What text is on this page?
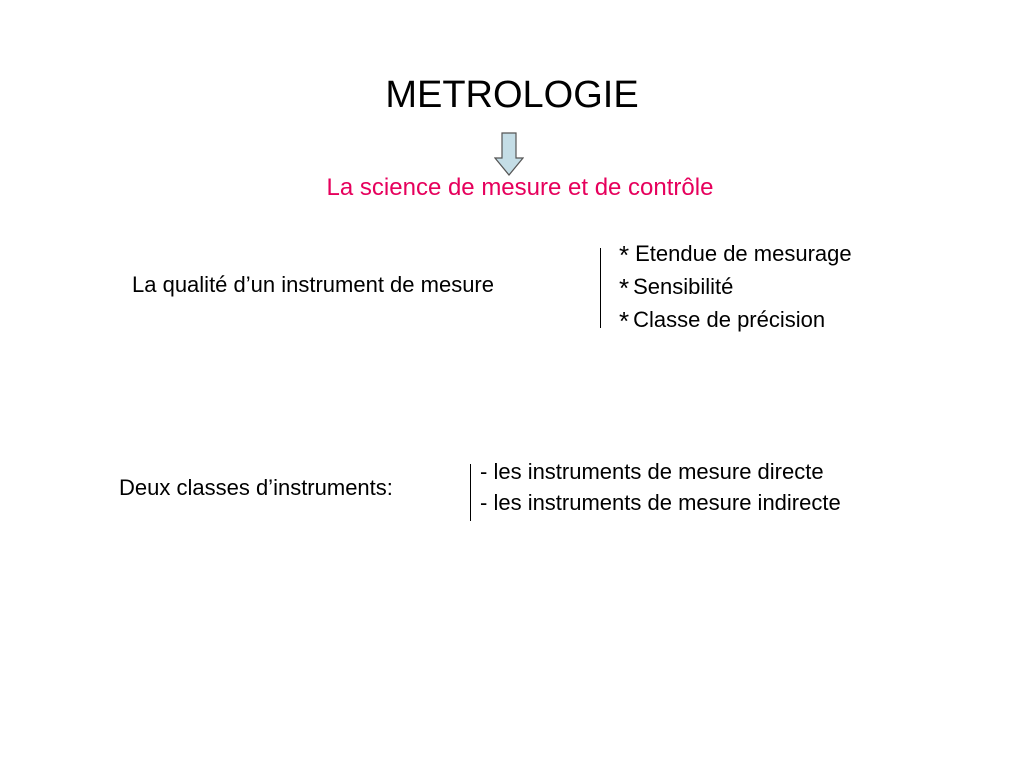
METROLOGIE
La science de mesure et de contrôle
La qualité d’un instrument de mesure
* Etendue de mesurage
* Sensibilité
* Classe de précision
Deux classes d’instruments:
- les instruments de mesure directe
- les instruments de mesure indirecte
